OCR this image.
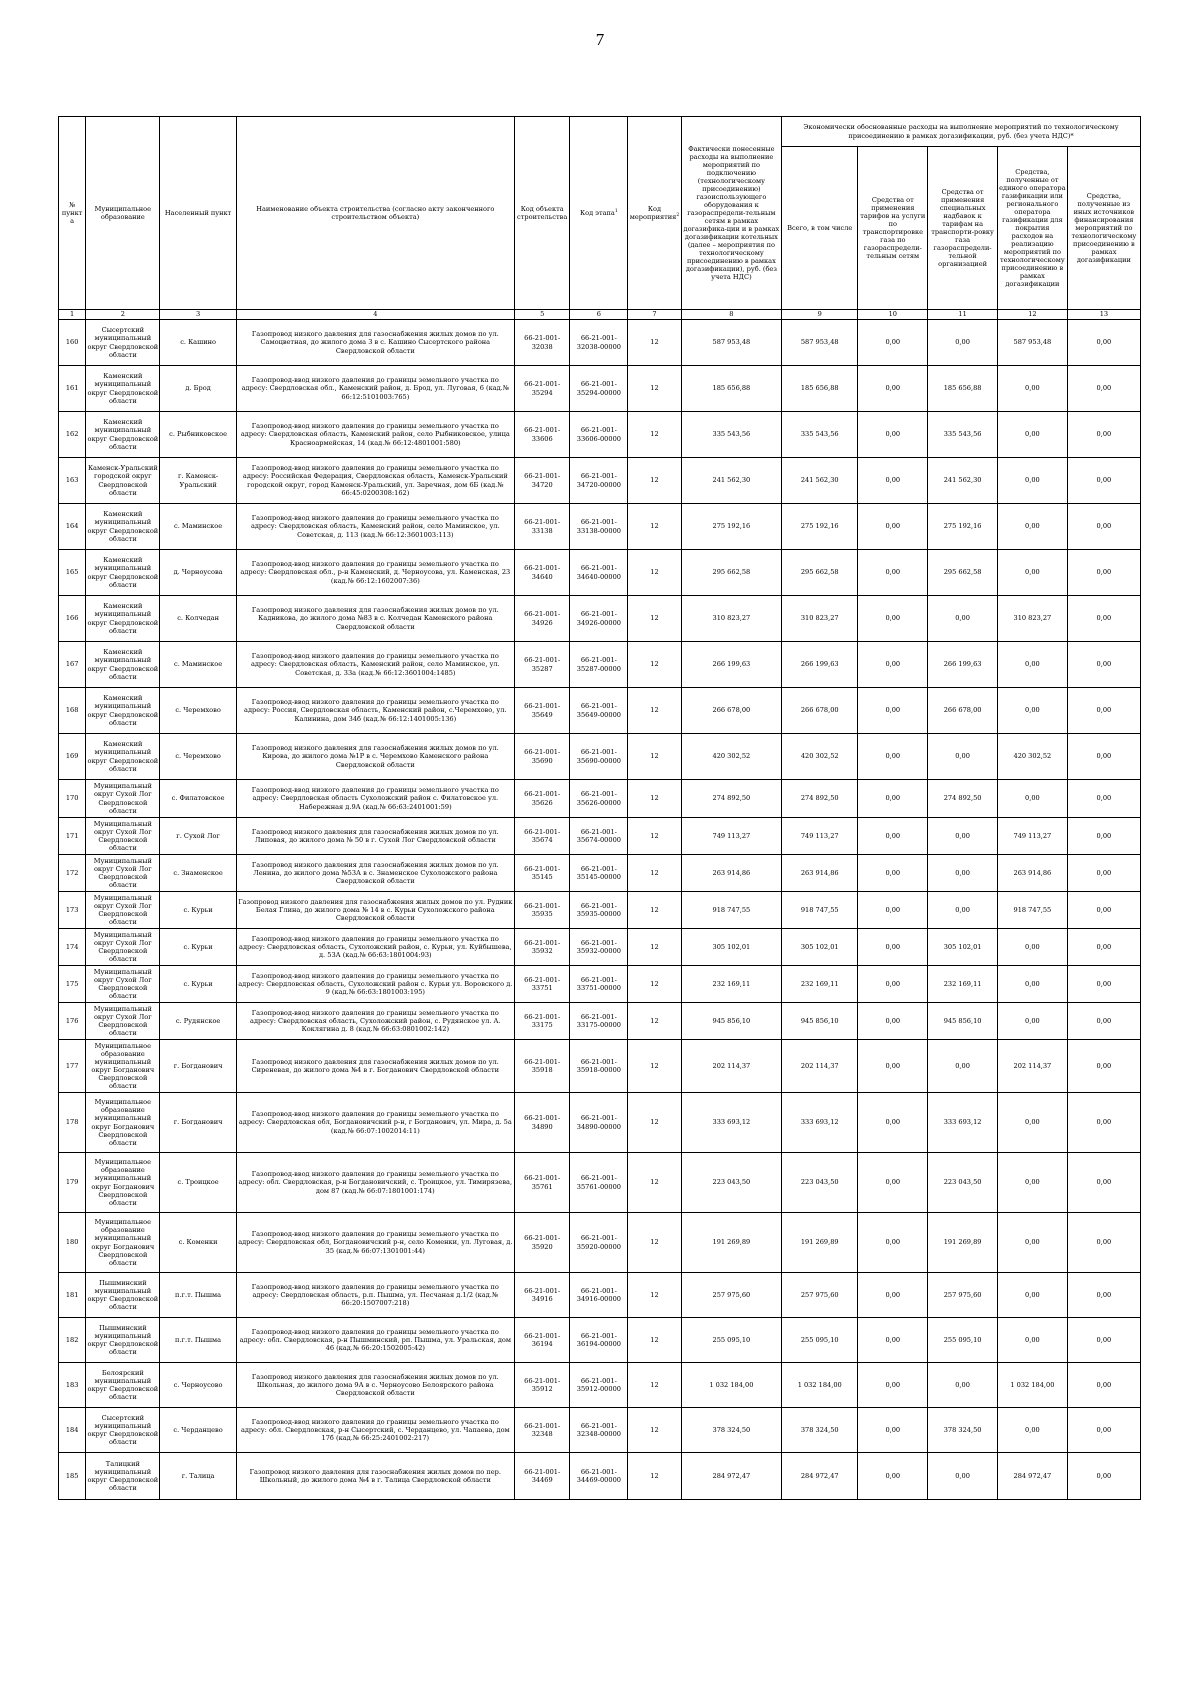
7
№ пункта	Муниципальное образование	Населенный пункт	Наименование объекта строительства (согласно акту законченного строительством объекта)	Код объекта строительства	Код этапа$^1$	Код мероприятия$^2$	Фактически понесенные расходы на выполнение мероприятий по подключению (технологическому присоединению) газоиспользующего оборудования к газораспредели-тельным сетям в рамках догазифика-ции и в рамках догазификации котельных (далее – мероприятия по технологическому присоединению в рамках догазификации), руб. (без учета НДС)	Экономически обоснованные расходы на выполнение мероприятий по технологическому присоединению в рамках догазификации, руб. (без учета НДС)*				
								Всего, в том числе	Средства от применения тарифов на услуги по транспортировке газа по газораспредели-тельным сетям	Средства от применения специальных надбавок к тарифам на транспорти-ровку газа газораспредели-тельной организацией	Средства, полученные от единого оператора газификации или регионального оператора газификации для покрытия расходов на реализацию мероприятий по технологическому присоединению в рамках догазификации	Средства, полученные из иных источников финансирования мероприятий по технологическому присоединению в рамках догазификации
1	2	3	4	5	6	7	8	9	10	11	12	13
160	Сысертский муниципальный округ Свердловской области	с. Кашино	Газопровод низкого давления для газоснабжения жилых домов по ул. Самоцветная, до жилого дома 3 в с. Кашино Сысертского района Свердловской области	66-21-001-32038	66-21-001-32038-00000	12	587 953,48	587 953,48	0,00	0,00	587 953,48	0,00
161	Каменский муниципальный округ Свердловской области	д. Брод	Газопровод-ввод низкого давления до границы земельного участка по адресу: Свердловская обл., Каменский район, д. Брод, ул. Луговая, 6 (кад.№ 66:12:5101003:765)	66-21-001-35294	66-21-001-35294-00000	12	185 656,88	185 656,88	0,00	185 656,88	0,00	0,00
162	Каменский муниципальный округ Свердловской области	с. Рыбниковское	Газопровод-ввод низкого давления до границы земельного участка по адресу: Свердловская область, Каменский район, село Рыбниковское, улица Красноармейская, 14 (кад.№ 66:12:4801001:580)	66-21-001-33606	66-21-001-33606-00000	12	335 543,56	335 543,56	0,00	335 543,56	0,00	0,00
163	Каменск-Уральский городской округ Свердловской области	г. Каменск-Уральский	Газопровод-ввод низкого давления до границы земельного участка по адресу: Российская Федерация, Свердловская область, Каменск-Уральский городской округ, город Каменск-Уральский, ул. Заречная, дом 6Б (кад.№ 66:45:0200308:162)	66-21-001-34720	66-21-001-34720-00000	12	241 562,30	241 562,30	0,00	241 562,30	0,00	0,00
164	Каменский муниципальный округ Свердловской области	с. Маминское	Газопровод-ввод низкого давления до границы земельного участка по адресу: Свердловская область, Каменский район, село Маминское, ул. Советская, д. 113 (кад.№ 66:12:3601003:113)	66-21-001-33138	66-21-001-33138-00000	12	275 192,16	275 192,16	0,00	275 192,16	0,00	0,00
165	Каменский муниципальный округ Свердловской области	д. Черноусова	Газопровод-ввод низкого давления до границы земельного участка по адресу: Свердловская обл., р-н Каменский, д. Черноусова, ул. Каменская, 23 (кад.№ 66:12:1602007:36)	66-21-001-34640	66-21-001-34640-00000	12	295 662,58	295 662,58	0,00	295 662,58	0,00	0,00
166	Каменский муниципальный округ Свердловской области	с. Колчедан	Газопровод низкого давления для газоснабжения жилых домов по ул. Кадникова, до жилого дома №83 в с. Колчедан Каменского района Свердловской области	66-21-001-34926	66-21-001-34926-00000	12	310 823,27	310 823,27	0,00	0,00	310 823,27	0,00
167	Каменский муниципальный округ Свердловской области	с. Маминское	Газопровод-ввод низкого давления до границы земельного участка по адресу: Свердловская область, Каменский район, село Маминское, ул. Советская, д. 33а (кад.№ 66:12:3601004:1485)	66-21-001-35287	66-21-001-35287-00000	12	266 199,63	266 199,63	0,00	266 199,63	0,00	0,00
168	Каменский муниципальный округ Свердловской области	с. Черемхово	Газопровод-ввод низкого давления до границы земельного участка по адресу: Россия, Свердловская область, Каменский район, с.Черемхово, ул. Калинина, дом 34б (кад.№ 66:12:1401005:136)	66-21-001-35649	66-21-001-35649-00000	12	266 678,00	266 678,00	0,00	266 678,00	0,00	0,00
169	Каменский муниципальный округ Свердловской области	с. Черемхово	Газопровод низкого давления для газоснабжения жилых домов по ул. Кирова, до жилого дома №1Р в с. Черемхово Каменского района Свердловской области	66-21-001-35690	66-21-001-35690-00000	12	420 302,52	420 302,52	0,00	0,00	420 302,52	0,00
170	Муниципальный округ Сухой Лог Свердловской области	с. Филатовское	Газопровод-ввод низкого давления до границы земельного участка по адресу: Свердловская область Сухоложский район с. Филатовское ул. Набережная д.9А (кад.№ 66:63:2401001:59)	66-21-001-35626	66-21-001-35626-00000	12	274 892,50	274 892,50	0,00	274 892,50	0,00	0,00
171	Муниципальный округ Сухой Лог Свердловской области	г. Сухой Лог	Газопровод низкого давления для газоснабжения жилых домов по ул. Липовая, до жилого дома № 50 в г. Сухой Лог Свердловской области	66-21-001-35674	66-21-001-35674-00000	12	749 113,27	749 113,27	0,00	0,00	749 113,27	0,00
172	Муниципальный округ Сухой Лог Свердловской области	с. Знаменское	Газопровод низкого давления для газоснабжения жилых домов по ул. Ленина, до жилого дома №53А в с. Знаменское Сухоложского района Свердловской области	66-21-001-35145	66-21-001-35145-00000	12	263 914,86	263 914,86	0,00	0,00	263 914,86	0,00
173	Муниципальный округ Сухой Лог Свердловской области	с. Курьи	Газопровод низкого давления для газоснабжения жилых домов по ул. Рудник Белая Глина, до жилого дома № 14 в с. Курьи Сухоложского района Свердловской области	66-21-001-35935	66-21-001-35935-00000	12	918 747,55	918 747,55	0,00	0,00	918 747,55	0,00
174	Муниципальный округ Сухой Лог Свердловской области	с. Курьи	Газопровод-ввод низкого давления до границы земельного участка по адресу: Свердловская область, Сухоложский район, с. Курьи, ул. Куйбышева, д. 53А (кад.№ 66:63:1801004:93)	66-21-001-35932	66-21-001-35932-00000	12	305 102,01	305 102,01	0,00	305 102,01	0,00	0,00
175	Муниципальный округ Сухой Лог Свердловской области	с. Курьи	Газопровод-ввод низкого давления до границы земельного участка по адресу: Свердловская область, Сухоложский район с. Курьи ул. Воровского д. 9 (кад.№ 66:63:1801003:195)	66-21-001-33751	66-21-001-33751-00000	12	232 169,11	232 169,11	0,00	232 169,11	0,00	0,00
176	Муниципальный округ Сухой Лог Свердловской области	с. Рудянское	Газопровод-ввод низкого давления до границы земельного участка по адресу: Свердловская область, Сухоложский район, с. Рудянское ул. А. Коклягина д. 8 (кад.№ 66:63:0801002:142)	66-21-001-33175	66-21-001-33175-00000	12	945 856,10	945 856,10	0,00	945 856,10	0,00	0,00
177	Муниципальное образование муниципальный округ Богданович Свердловской области	г. Богданович	Газопровод низкого давления для газоснабжения жилых домов по ул. Сиреневая, до жилого дома №4 в г. Богданович Свердловской области	66-21-001-35918	66-21-001-35918-00000	12	202 114,37	202 114,37	0,00	0,00	202 114,37	0,00
178	Муниципальное образование муниципальный округ Богданович Свердловской области	г. Богданович	Газопровод-ввод низкого давления до границы земельного участка по адресу: Свердловская обл, Богдановичский р-н, г Богданович, ул. Мира, д. 5а (кад.№ 66:07:1002014:11)	66-21-001-34890	66-21-001-34890-00000	12	333 693,12	333 693,12	0,00	333 693,12	0,00	0,00
179	Муниципальное образование муниципальный округ Богданович Свердловской области	с. Троицкое	Газопровод-ввод низкого давления до границы земельного участка по адресу: обл. Свердловская, р-н Богдановичский, с. Троицкое, ул. Тимирязева, дом 87 (кад.№ 66:07:1801001:174)	66-21-001-35761	66-21-001-35761-00000	12	223 043,50	223 043,50	0,00	223 043,50	0,00	0,00
180	Муниципальное образование муниципальный округ Богданович Свердловской области	с. Коменки	Газопровод-ввод низкого давления до границы земельного участка по адресу: Свердловская обл, Богдановичский р-н, село Коменки, ул. Луговая, д. 35 (кад.№ 66:07:1301001:44)	66-21-001-35920	66-21-001-35920-00000	12	191 269,89	191 269,89	0,00	191 269,89	0,00	0,00
181	Пышминский муниципальный округ Свердловской области	п.г.т. Пышма	Газопровод-ввод низкого давления до границы земельного участка по адресу: Свердловская область, р.п. Пышма, ул. Песчаная д.1/2 (кад.№ 66:20:1507007:218)	66-21-001-34916	66-21-001-34916-00000	12	257 975,60	257 975,60	0,00	257 975,60	0,00	0,00
182	Пышминский муниципальный округ Свердловской области	п.г.т. Пышма	Газопровод-ввод низкого давления до границы земельного участка по адресу: обл. Свердловская, р-н Пышминский, рп. Пышма, ул. Уральская, дом 46 (кад.№ 66:20:1502005:42)	66-21-001-36194	66-21-001-36194-00000	12	255 095,10	255 095,10	0,00	255 095,10	0,00	0,00
183	Белоярский муниципальный округ Свердловской области	с. Черноусово	Газопровод низкого давления для газоснабжения жилых домов по ул. Школьная, до жилого дома 9А в с. Черноусово Белоярского района Свердловской области	66-21-001-35912	66-21-001-35912-00000	12	1 032 184,00	1 032 184,00	0,00	0,00	1 032 184,00	0,00
184	Сысертский муниципальный округ Свердловской области	с. Черданцево	Газопровод-ввод низкого давления до границы земельного участка по адресу: обл. Свердловская, р-н Сысертский, с. Черданцево, ул. Чапаева, дом 17б (кад.№ 66:25:2401002:217)	66-21-001-32348	66-21-001-32348-00000	12	378 324,50	378 324,50	0,00	378 324,50	0,00	0,00
185	Талицкий муниципальный округ Свердловской области	г. Талица	Газопровод низкого давления для газоснабжения жилых домов по пер. Школьный, до жилого дома №4 в г. Талица Свердловской области	66-21-001-34469	66-21-001-34469-00000	12	284 972,47	284 972,47	0,00	0,00	284 972,47	0,00
